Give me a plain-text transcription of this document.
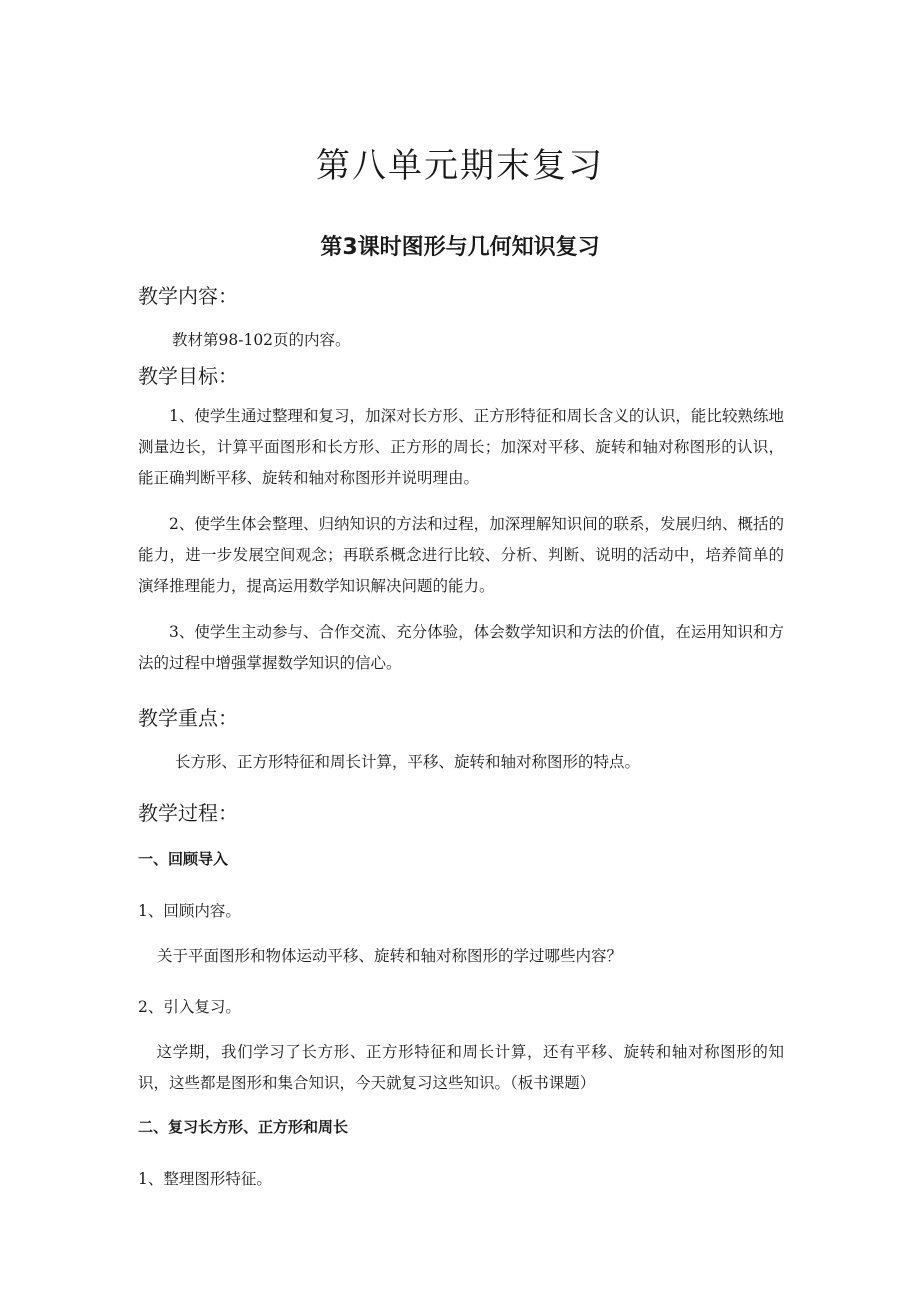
第八单元期末复习
第3课时图形与几何知识复习
教学内容：
教材第98-102页的内容。
教学目标：
1、使学生通过整理和复习，加深对长方形、正方形特征和周长含义的认识，能比较熟练地测量边长，计算平面图形和长方形、正方形的周长；加深对平移、旋转和轴对称图形的认识，能正确判断平移、旋转和轴对称图形并说明理由。
2、使学生体会整理、归纳知识的方法和过程，加深理解知识间的联系，发展归纳、概括的能力，进一步发展空间观念；再联系概念进行比较、分析、判断、说明的活动中，培养简单的演绎推理能力，提高运用数学知识解决问题的能力。
3、使学生主动参与、合作交流、充分体验，体会数学知识和方法的价值，在运用知识和方法的过程中增强掌握数学知识的信心。
教学重点：
长方形、正方形特征和周长计算，平移、旋转和轴对称图形的特点。
教学过程：
一、回顾导入
1、回顾内容。
关于平面图形和物体运动平移、旋转和轴对称图形的学过哪些内容？
2、引入复习。
这学期，我们学习了长方形、正方形特征和周长计算，还有平移、旋转和轴对称图形的知识，这些都是图形和集合知识，今天就复习这些知识。（板书课题）
二、复习长方形、正方形和周长
1、整理图形特征。
